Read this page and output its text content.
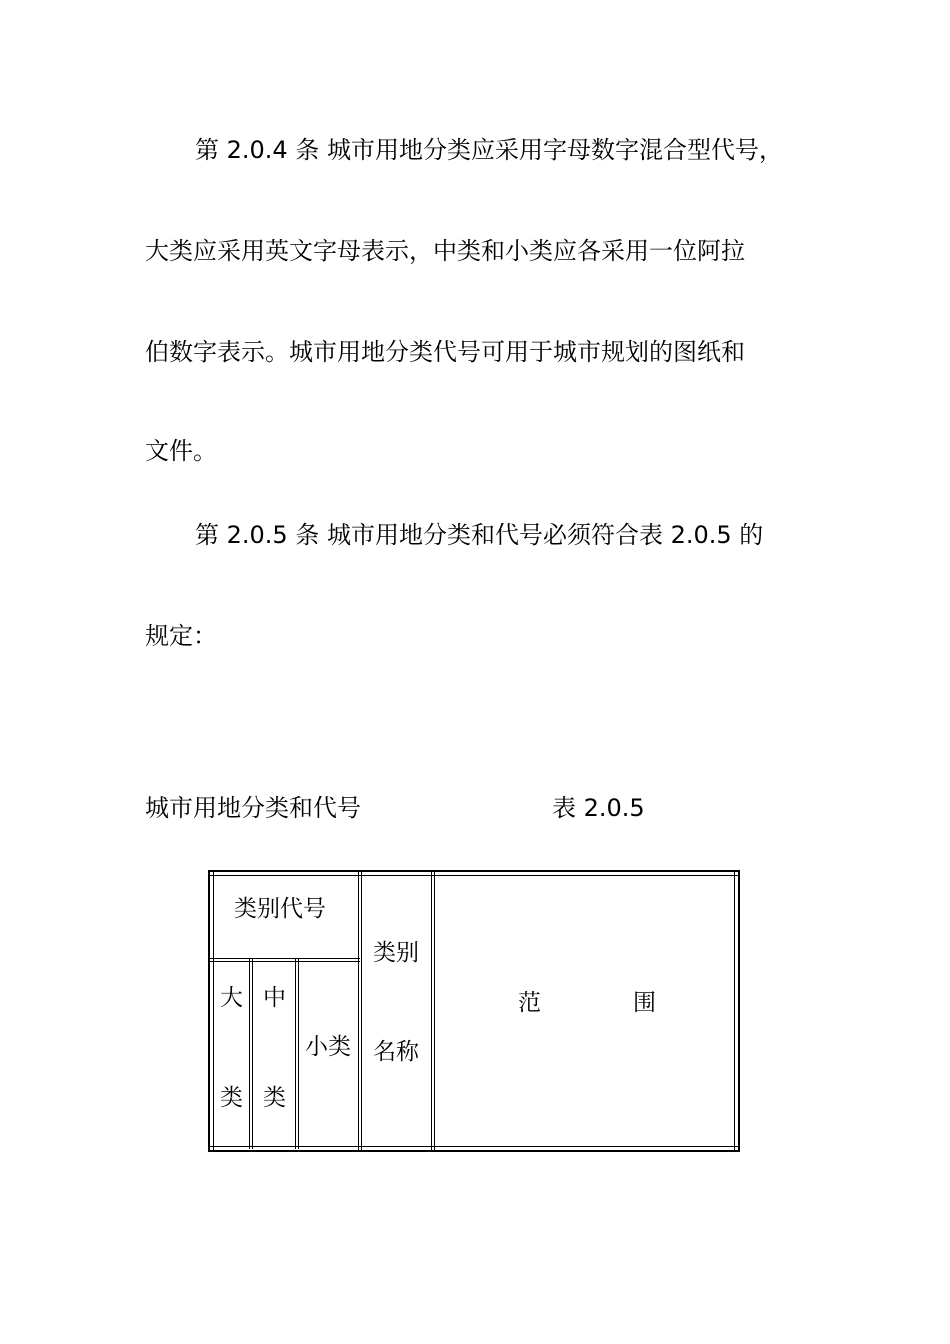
第 2.0.4 条 城市用地分类应采用字母数字混合型代号，
大类应采用英文字母表示，中类和小类应各采用一位阿拉
伯数字表示。城市用地分类代号可用于城市规划的图纸和
文件。
第 2.0.5 条 城市用地分类和代号必须符合表 2.0.5 的
规定：
城市用地分类和代号	表 2.0.5
类别代号
大
类
中
类
小类
类别
名称
范	围
